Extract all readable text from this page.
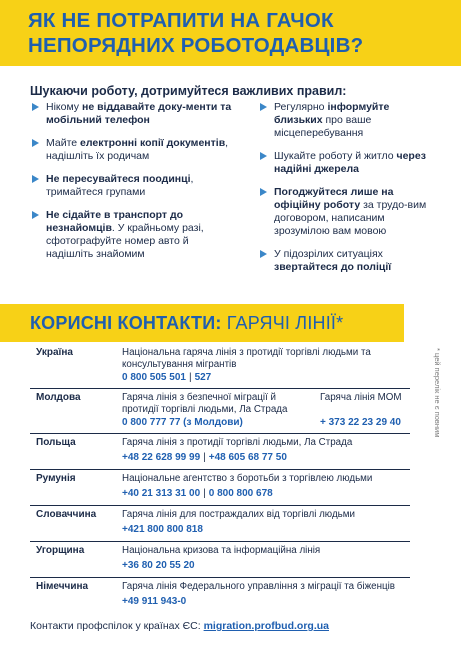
ЯК НЕ ПОТРАПИТИ НА ГАЧОК НЕПОРЯДНИХ РОБОТОДАВЦІВ?
Шукаючи роботу, дотримуйтеся важливих правил:
Нікому не віддавайте доку-менти та мобільний телефон
Майте електронні копії документів, надішліть їх родичам
Не пересувайтеся поодинці, тримайтеся групами
Не сідайте в транспорт до незнайомців. У крайньому разі, сфотографуйте номер авто й надішліть знайомим
Регулярно інформуйте близьких про ваше місцеперебування
Шукайте роботу й житло через надійні джерела
Погоджуйтеся лише на офіційну роботу за трудо-вим договором, написаним зрозумілою вам мовою
У підозрілих ситуаціях звертайтеся до поліції
КОРИСНІ КОНТАКТИ: ГАРЯЧІ ЛІНІЇ*
* цей перелік не є повним
Україна	Національна гаряча лінія з протидії торгівлі людьми та консультування мігрантів
0 800 505 501 | 527
Молдова	Гаряча лінія з безпечної міграції й протидії торгівлі людьми, Ла Страда
0 800 777 77 (з Молдови)
Гаряча лінія МОМ
+ 373 22 23 29 40
Польща	Гаряча лінія з протидії торгівлі людьми, Ла Страда
+48 22 628 99 99 | +48 605 68 77 50
Румунія	Національне агентство з боротьби з торгівлею людьми
+40 21 313 31 00 | 0 800 800 678
Словаччина	Гаряча лінія для постраждалих від торгівлі людьми
+421 800 800 818
Угорщина	Національна кризова та інформаційна лінія
+36 80 20 55 20
Німеччина	Гаряча лінія Федерального управління з міграції та біженців
+49 911 943-0
Контакти профспілок у країнах ЄС: migration.profbud.org.ua
